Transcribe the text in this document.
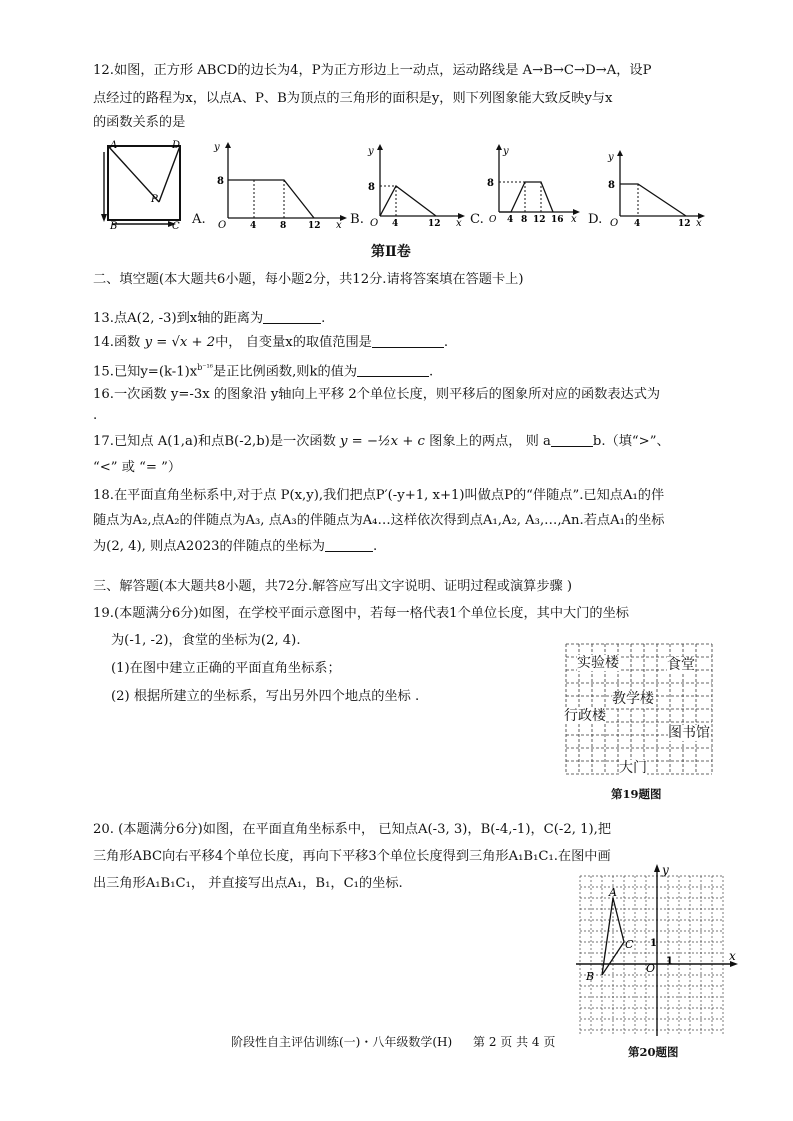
12.如图，正方形 ABCD的边长为4，P为正方形边上一动点，运动路线是 A→B→C→D→A，设P
点经过的路程为x，以点A、P、B为顶点的三角形的面积是y，则下列图象能大致反映y与x
的函数关系的是
A	D
B	C
P
A.
y
x
8
O	4	8 12 B.
y
x
8
O 4	12 C.
y
x
8
O 4 8 12 16 D.
y
x
8
O 4	12
第Ⅱ卷
二、填空题(本大题共6小题，每小题2分，共12分.请将答案填在答题卡上)
13.点A(2, -3)到x轴的距离为	.
14.函数 y = √x + 2中， 自变量x的取值范围是	.
15.已知$y=(k-1)x^{b^{-16}}$是正比例函数,则k的值为	.
16.一次函数 y=-3x 的图象沿 y轴向上平移 2个单位长度，则平移后的图象所对应的函数表达式为
.
17.已知点 A(1,a)和点B(-2,b)是一次函数 y = −½x + c 图象上的两点， 则 a	b.（填“>”、
“<” 或 “= ”）
18.在平面直角坐标系中,对于点 P(x,y),我们把点P′(-y+1, x+1)叫做点P的“伴随点”.已知点A₁的伴
随点为A₂,点A₂的伴随点为A₃, 点A₃的伴随点为A₄…这样依次得到点A₁,A₂, A₃,…,An.若点A₁的坐标
为(2, 4), 则点A2023的伴随点的坐标为	.
三、解答题(本大题共8小题，共72分.解答应写出文字说明、证明过程或演算步骤 )
19.(本题满分6分)如图，在学校平面示意图中，若每一格代表1个单位长度，其中大门的坐标
为(-1, -2)，食堂的坐标为(2, 4).
(1)在图中建立正确的平面直角坐标系；
(2) 根据所建立的坐标系，写出另外四个地点的坐标 .
实验楼	食堂
教学楼
行政楼
图书馆
大门
第19题图
20. (本题满分6分)如图，在平面直角坐标系中， 已知点A(-3, 3)，B(-4,-1)，C(-2, 1),把
三角形ABC向右平移4个单位长度，再向下平移3个单位长度得到三角形A₁B₁C₁.在图中画
出三角形A₁B₁C₁， 并直接写出点A₁，B₁，C₁的坐标.
y
x
O
1
1
A
B
C
第20题图
阶段性自主评估训练(一)・八年级数学(H) 第 2 页 共 4 页
